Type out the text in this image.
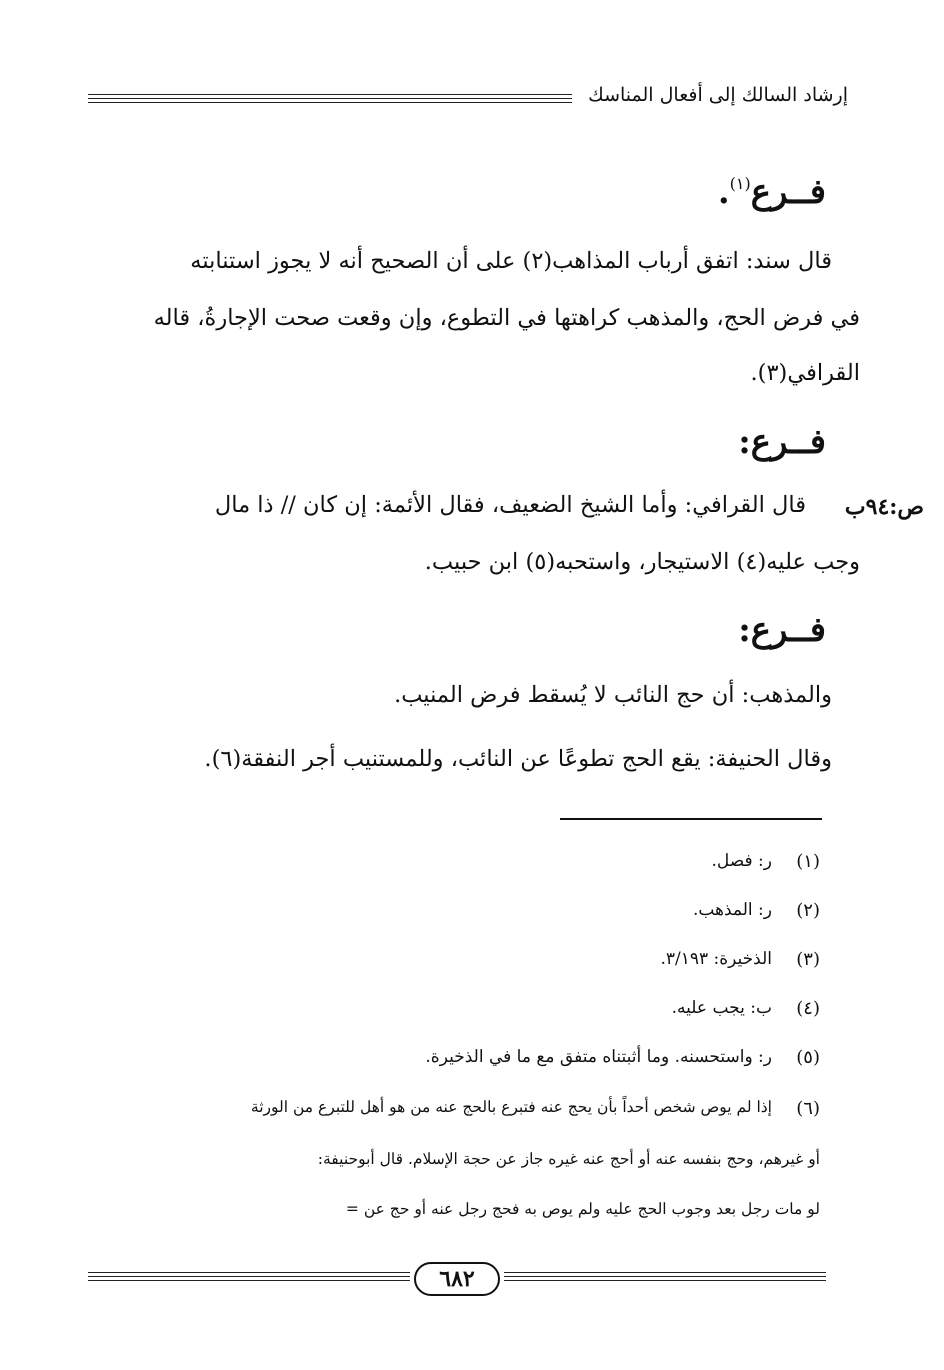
إرشاد السالك إلى أفعال المناسك
فــرع$^{(١)}$.
قال سند: اتفق أرباب المذاهب(٢) على أن الصحيح أنه لا يجوز استنابته
في فرض الحج، والمذهب كراهتها في التطوع، وإن وقعت صحت الإجارةُ، قاله
القرافي(٣).
فــرع:
ص:٩٤ب
قال القرافي: وأما الشيخ الضعيف، فقال الأئمة: إن كان // ذا مال
وجب عليه(٤) الاستيجار، واستحبه(٥) ابن حبيب.
فــرع:
والمذهب: أن حج النائب لا يُسقط فرض المنيب.
وقال الحنيفة: يقع الحج تطوعًا عن النائب، وللمستنيب أجر النفقة(٦).
(١)
ر: فصل.
(٢)
ر: المذهب.
(٣)
الذخيرة: ٣/١٩٣.
(٤)
ب: يجب عليه.
(٥)
ر: واستحسنه. وما أثبتناه متفق مع ما في الذخيرة.
(٦)
إذا لم يوص شخص أحداً بأن يحج عنه فتبرع بالحج عنه من هو أهل للتبرع من الورثة
أو غيرهم، وحج بنفسه عنه أو أحج عنه غيره جاز عن حجة الإسلام. قال أبوحنيفة:
لو مات رجل بعد وجوب الحج عليه ولم يوص به فحج رجل عنه أو حج عن =
٦٨٢
